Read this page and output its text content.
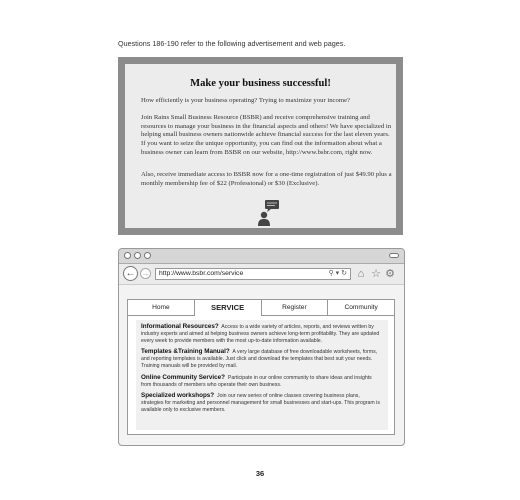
Questions 186-190 refer to the following advertisement and web pages.
Make your business successful!

How efficiently is your business operating? Trying to maximize your income?

Join Rains Small Business Resource (BSBR) and receive comprehensive training and resources to manage your business in the financial aspects and others! We have specialized in helping small business owners nationwide achieve financial success for the last eleven years. If you want to seize the unique opportunity, you can find out the information about what a business owner can learn from BSBR on our website, http://www.bsbr.com, right now.

Also, receive immediate access to BSBR now for a one-time registration of just $49.90 plus a monthly membership fee of $22 (Professional) or $30 (Exclusive).

← →	http://www.bsbr.com/service	⚲ ▾ ↻ ⌂ ☆ ⚙
Home	SERVICE	Register	Community
Informational Resources? Access to a wide variety of articles, reports, and reviews written by industry experts and aimed at helping business owners achieve long-term profitability. They are updated every week to provide members with the most up-to-date information available.
Templates &Training Manual? A very large database of free downloadable worksheets, forms, and reporting templates is available. Just click and download the templates that best suit your needs. Training manuals will be provided by mail.
Online Community Service? Participate in our online community to share ideas and insights from thousands of members who operate their own business.
Specialized workshops? Join our new series of online classes covering business plans, strategies for marketing and personnel management for small businesses and start-ups. This program is available only to exclusive members.
36
